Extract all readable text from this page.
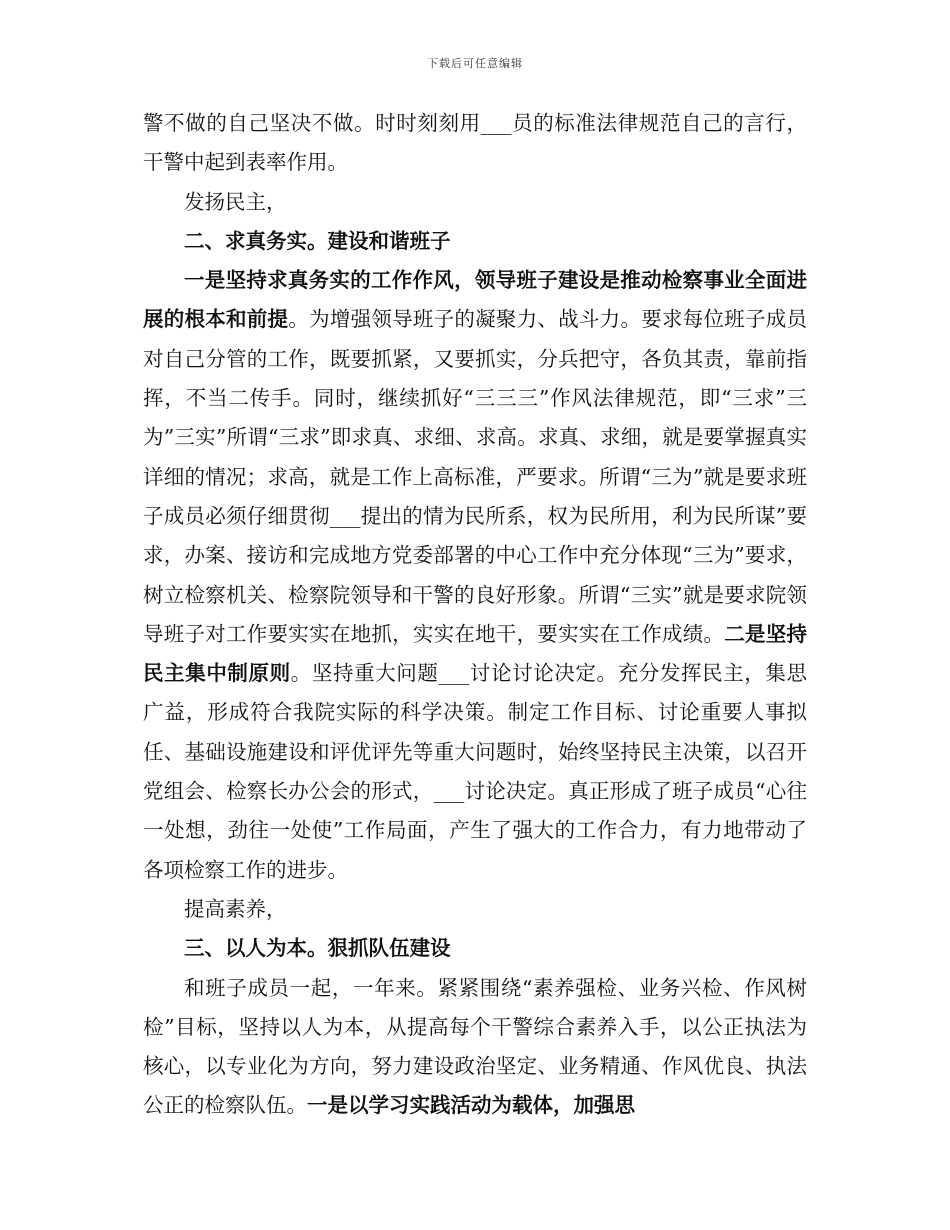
下载后可任意编辑

警不做的自己坚决不做。时时刻刻用___员的标准法律规范自己的言行，干警中起到表率作用。

发扬民主，

二、求真务实。建设和谐班子

一是坚持求真务实的工作作风，领导班子建设是推动检察事业全面进展的根本和前提。为增强领导班子的凝聚力、战斗力。要求每位班子成员对自己分管的工作，既要抓紧，又要抓实，分兵把守，各负其责，靠前指挥，不当二传手。同时，继续抓好“三三三”作风法律规范，即“三求”三为”三实”所谓“三求”即求真、求细、求高。求真、求细，就是要掌握真实详细的情况；求高，就是工作上高标准，严要求。所谓“三为”就是要求班子成员必须仔细贯彻___提出的情为民所系，权为民所用，利为民所谋”要求，办案、接访和完成地方党委部署的中心工作中充分体现“三为”要求，树立检察机关、检察院领导和干警的良好形象。所谓“三实”就是要求院领导班子对工作要实实在地抓，实实在地干，要实实在工作成绩。二是坚持民主集中制原则。坚持重大问题___讨论讨论决定。充分发挥民主，集思广益，形成符合我院实际的科学决策。制定工作目标、讨论重要人事拟任、基础设施建设和评优评先等重大问题时，始终坚持民主决策，以召开党组会、检察长办公会的形式，___讨论决定。真正形成了班子成员“心往一处想，劲往一处使”工作局面，产生了强大的工作合力，有力地带动了各项检察工作的进步。

提高素养，

三、以人为本。狠抓队伍建设

和班子成员一起，一年来。紧紧围绕“素养强检、业务兴检、作风树检”目标，坚持以人为本，从提高每个干警综合素养入手，以公正执法为核心，以专业化为方向，努力建设政治坚定、业务精通、作风优良、执法公正的检察队伍。一是以学习实践活动为载体，加强思
